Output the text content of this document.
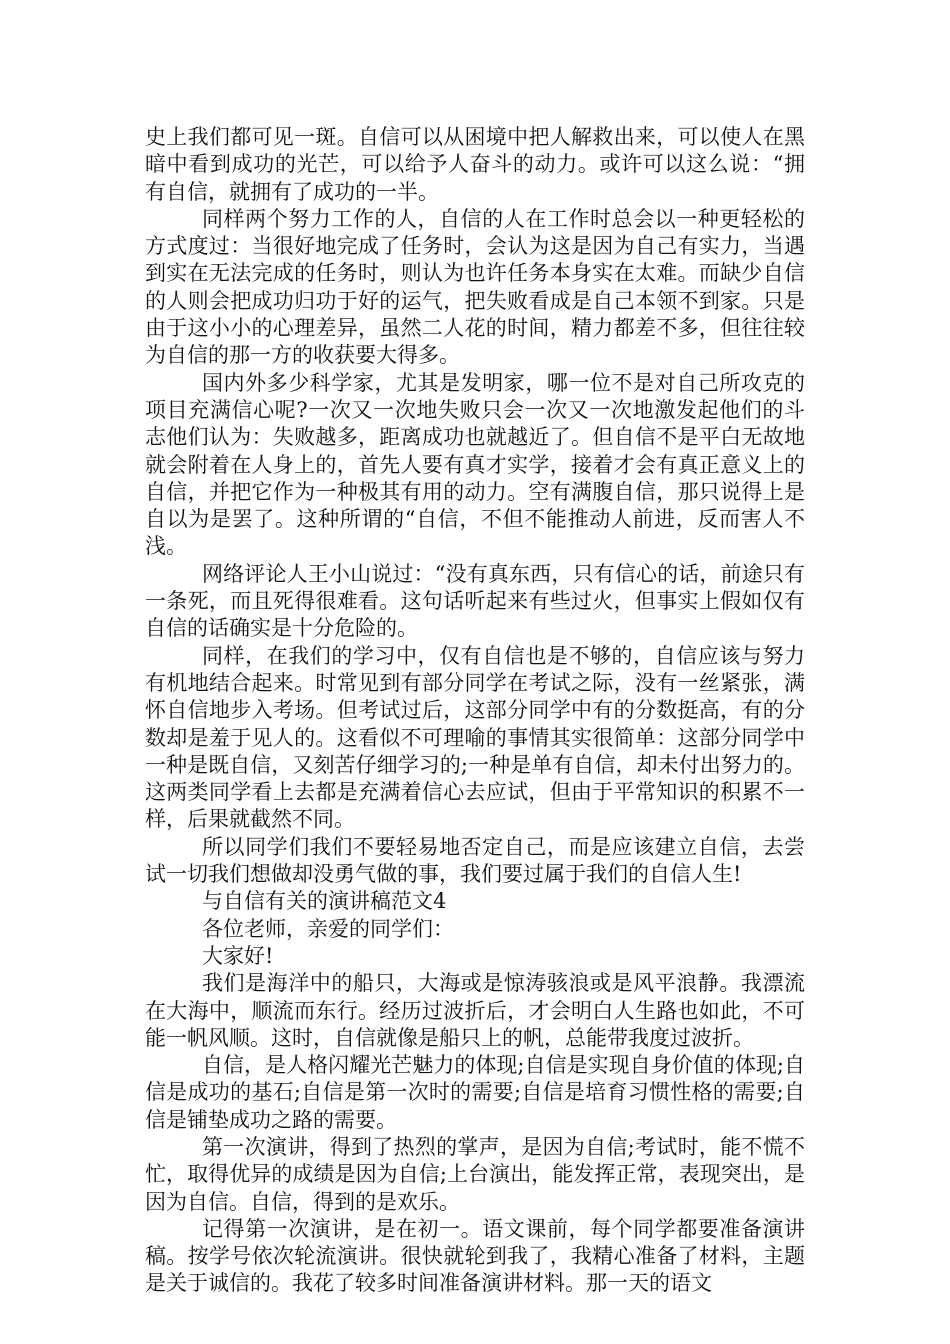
史上我们都可见一斑。自信可以从困境中把人解救出来，可以使人在黑暗中看到成功的光芒，可以给予人奋斗的动力。或许可以这么说：“拥有自信，就拥有了成功的一半。

同样两个努力工作的人，自信的人在工作时总会以一种更轻松的方式度过：当很好地完成了任务时，会认为这是因为自己有实力，当遇到实在无法完成的任务时，则认为也许任务本身实在太难。而缺少自信的人则会把成功归功于好的运气，把失败看成是自己本领不到家。只是由于这小小的心理差异，虽然二人花的时间，精力都差不多，但往往较为自信的那一方的收获要大得多。

国内外多少科学家，尤其是发明家，哪一位不是对自己所攻克的项目充满信心呢?一次又一次地失败只会一次又一次地激发起他们的斗志他们认为：失败越多，距离成功也就越近了。但自信不是平白无故地就会附着在人身上的，首先人要有真才实学，接着才会有真正意义上的自信，并把它作为一种极其有用的动力。空有满腹自信，那只说得上是自以为是罢了。这种所谓的“自信，不但不能推动人前进，反而害人不浅。

网络评论人王小山说过：“没有真东西，只有信心的话，前途只有一条死，而且死得很难看。这句话听起来有些过火，但事实上假如仅有自信的话确实是十分危险的。

同样，在我们的学习中，仅有自信也是不够的，自信应该与努力有机地结合起来。时常见到有部分同学在考试之际，没有一丝紧张，满怀自信地步入考场。但考试过后，这部分同学中有的分数挺高，有的分数却是羞于见人的。这看似不可理喻的事情其实很简单：这部分同学中一种是既自信，又刻苦仔细学习的;一种是单有自信，却未付出努力的。这两类同学看上去都是充满着信心去应试，但由于平常知识的积累不一样，后果就截然不同。

所以同学们我们不要轻易地否定自己，而是应该建立自信，去尝试一切我们想做却没勇气做的事，我们要过属于我们的自信人生!

与自信有关的演讲稿范文4

各位老师，亲爱的同学们：

大家好!

我们是海洋中的船只，大海或是惊涛骇浪或是风平浪静。我漂流在大海中，顺流而东行。经历过波折后，才会明白人生路也如此，不可能一帆风顺。这时，自信就像是船只上的帆，总能带我度过波折。

自信，是人格闪耀光芒魅力的体现;自信是实现自身价值的体现;自信是成功的基石;自信是第一次时的需要;自信是培育习惯性格的需要;自信是铺垫成功之路的需要。

第一次演讲，得到了热烈的掌声，是因为自信;考试时，能不慌不忙，取得优异的成绩是因为自信;上台演出，能发挥正常，表现突出，是因为自信。自信，得到的是欢乐。

记得第一次演讲，是在初一。语文课前，每个同学都要准备演讲稿。按学号依次轮流演讲。很快就轮到我了，我精心准备了材料，主题是关于诚信的。我花了较多时间准备演讲材料。那一天的语文
